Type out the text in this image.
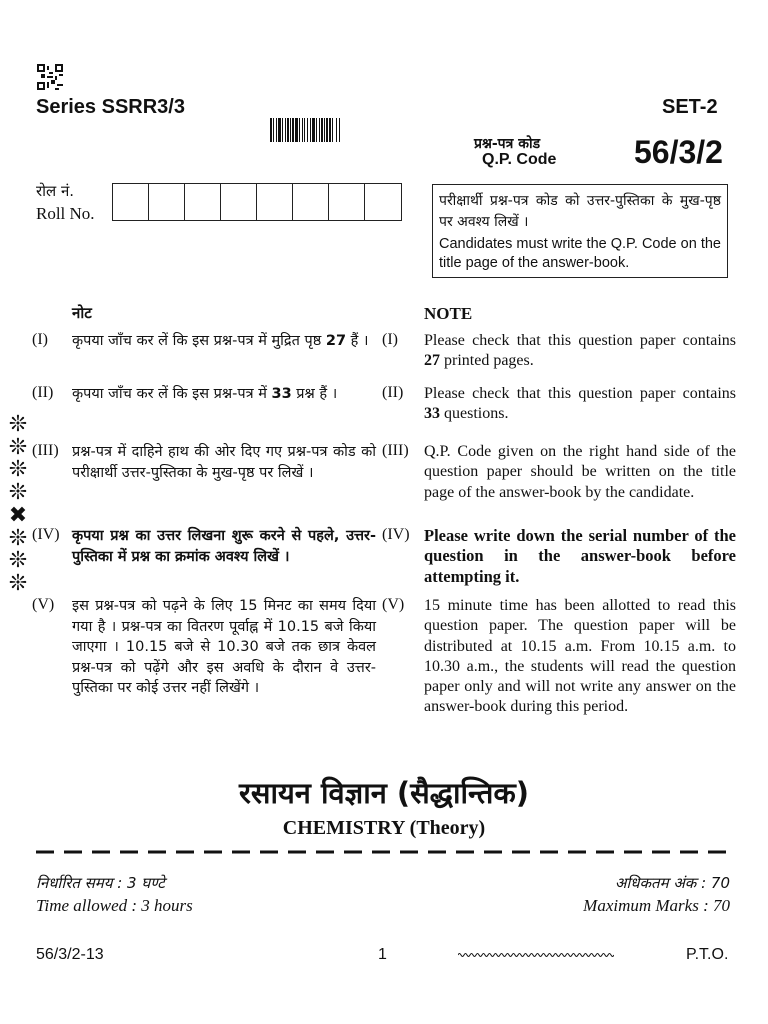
Series SSRR3/3	SET-2
प्रश्न-पत्र कोड
Q.P. Code 56/3/2
रोल नं.
Roll No.
परीक्षार्थी प्रश्न-पत्र कोड को उत्तर-पुस्तिका के मुख-पृष्ठ पर अवश्य लिखें ।
Candidates must write the Q.P. Code on the title page of the answer-book.
नोट	NOTE
(I) कृपया जाँच कर लें कि इस प्रश्न-पत्र में मुद्रित पृष्ठ 27 हैं । (I) Please check that this question paper contains 27 printed pages.
(II) कृपया जाँच कर लें कि इस प्रश्न-पत्र में 33 प्रश्न हैं ।	(II) Please check that this question paper contains 33 questions.
(III) प्रश्न-पत्र में दाहिने हाथ की ओर दिए गए प्रश्न-पत्र कोड को परीक्षार्थी उत्तर-पुस्तिका के मुख-पृष्ठ पर लिखें ।
(III) Q.P. Code given on the right hand side of the question paper should be written on the title page of the answer-book by the candidate.
(IV) कृपया प्रश्न का उत्तर लिखना शुरू करने से पहले, उत्तर-पुस्तिका में प्रश्न का क्रमांक अवश्य लिखें ।
(IV) Please write down the serial number of the question in the answer-book before attempting it.
(V) इस प्रश्न-पत्र को पढ़ने के लिए 15 मिनट का समय दिया गया है । प्रश्न-पत्र का वितरण पूर्वाह्न में 10.15 बजे किया जाएगा । 10.15 बजे से 10.30 बजे तक छात्र केवल प्रश्न-पत्र को पढ़ेंगे और इस अवधि के दौरान वे उत्तर-पुस्तिका पर कोई उत्तर नहीं लिखेंगे ।
(V) 15 minute time has been allotted to read this question paper. The question paper will be distributed at 10.15 a.m. From 10.15 a.m. to 10.30 a.m., the students will read the question paper only and will not write any answer on the answer-book during this period.
❊
❊
❊
❊
✖
❊
❊
❊
रसायन विज्ञान (सैद्धान्तिक)
CHEMISTRY (Theory)
निर्धारित समय : 3 घण्टे	अधिकतम अंक : 70
Time allowed : 3 hours	Maximum Marks : 70
56/3/2-13	1	P.T.O.
